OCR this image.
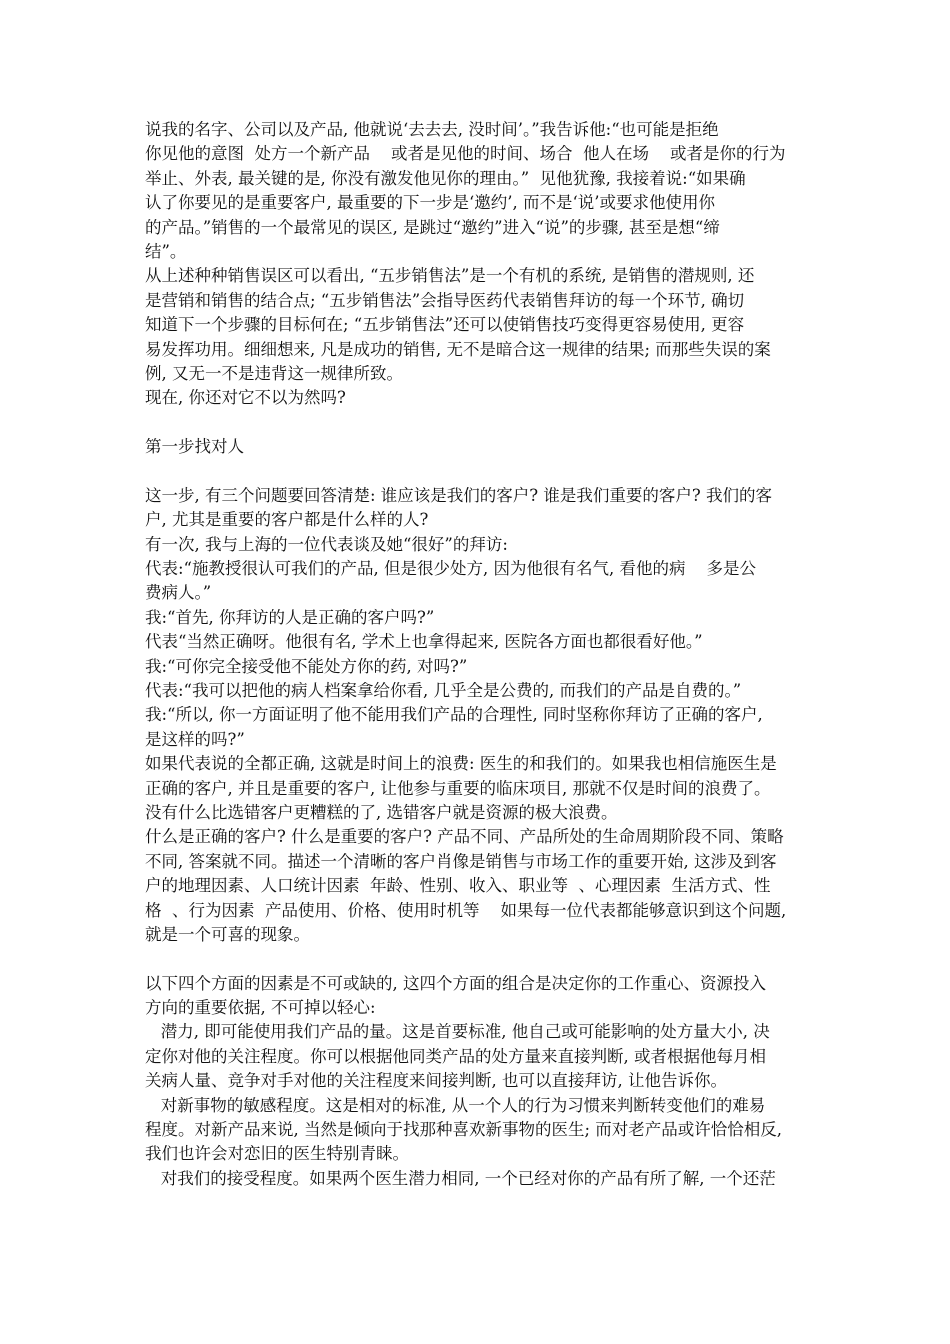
说我的名字、公司以及产品, 他就说‘去去去, 没时间’。”我告诉他:“也可能是拒绝
你见他的意图  处方一个新产品    或者是见他的时间、场合  他人在场    或者是你的行为
举止、外表, 最关键的是, 你没有激发他见你的理由。”  见他犹豫, 我接着说:“如果确
认了你要见的是重要客户, 最重要的下一步是‘邀约’, 而不是‘说’或要求他使用你
的产品。”销售的一个最常见的误区, 是跳过“邀约”进入“说”的步骤, 甚至是想“缔
结”。
从上述种种销售误区可以看出, “五步销售法”是一个有机的系统, 是销售的潜规则, 还
是营销和销售的结合点; “五步销售法”会指导医药代表销售拜访的每一个环节, 确切
知道下一个步骤的目标何在; “五步销售法”还可以使销售技巧变得更容易使用, 更容
易发挥功用。细细想来, 凡是成功的销售, 无不是暗合这一规律的结果; 而那些失误的案
例, 又无一不是违背这一规律所致。
现在, 你还对它不以为然吗?
第一步找对人
这一步, 有三个问题要回答清楚: 谁应该是我们的客户? 谁是我们重要的客户? 我们的客
户, 尤其是重要的客户都是什么样的人?
有一次, 我与上海的一位代表谈及她“很好”的拜访:
代表:“施教授很认可我们的产品, 但是很少处方, 因为他很有名气, 看他的病    多是公
费病人。”
我:“首先, 你拜访的人是正确的客户吗?”
代表“当然正确呀。他很有名, 学术上也拿得起来, 医院各方面也都很看好他。”
我:“可你完全接受他不能处方你的药, 对吗?”
代表:“我可以把他的病人档案拿给你看, 几乎全是公费的, 而我们的产品是自费的。”
我:“所以, 你一方面证明了他不能用我们产品的合理性, 同时坚称你拜访了正确的客户,
是这样的吗?”
如果代表说的全都正确, 这就是时间上的浪费: 医生的和我们的。如果我也相信施医生是
正确的客户, 并且是重要的客户, 让他参与重要的临床项目, 那就不仅是时间的浪费了。
没有什么比选错客户更糟糕的了, 选错客户就是资源的极大浪费。
什么是正确的客户? 什么是重要的客户? 产品不同、产品所处的生命周期阶段不同、策略
不同, 答案就不同。描述一个清晰的客户肖像是销售与市场工作的重要开始, 这涉及到客
户的地理因素、人口统计因素  年龄、性别、收入、职业等  、心理因素  生活方式、性
格  、行为因素  产品使用、价格、使用时机等    如果每一位代表都能够意识到这个问题,
就是一个可喜的现象。
以下四个方面的因素是不可或缺的, 这四个方面的组合是决定你的工作重心、资源投入
方向的重要依据, 不可掉以轻心:
潜力, 即可能使用我们产品的量。这是首要标准, 他自己或可能影响的处方量大小, 决
定你对他的关注程度。你可以根据他同类产品的处方量来直接判断, 或者根据他每月相
关病人量、竞争对手对他的关注程度来间接判断, 也可以直接拜访, 让他告诉你。
对新事物的敏感程度。这是相对的标准, 从一个人的行为习惯来判断转变他们的难易
程度。对新产品来说, 当然是倾向于找那种喜欢新事物的医生; 而对老产品或许恰恰相反,
我们也许会对恋旧的医生特别青睐。
对我们的接受程度。如果两个医生潜力相同, 一个已经对你的产品有所了解, 一个还茫
